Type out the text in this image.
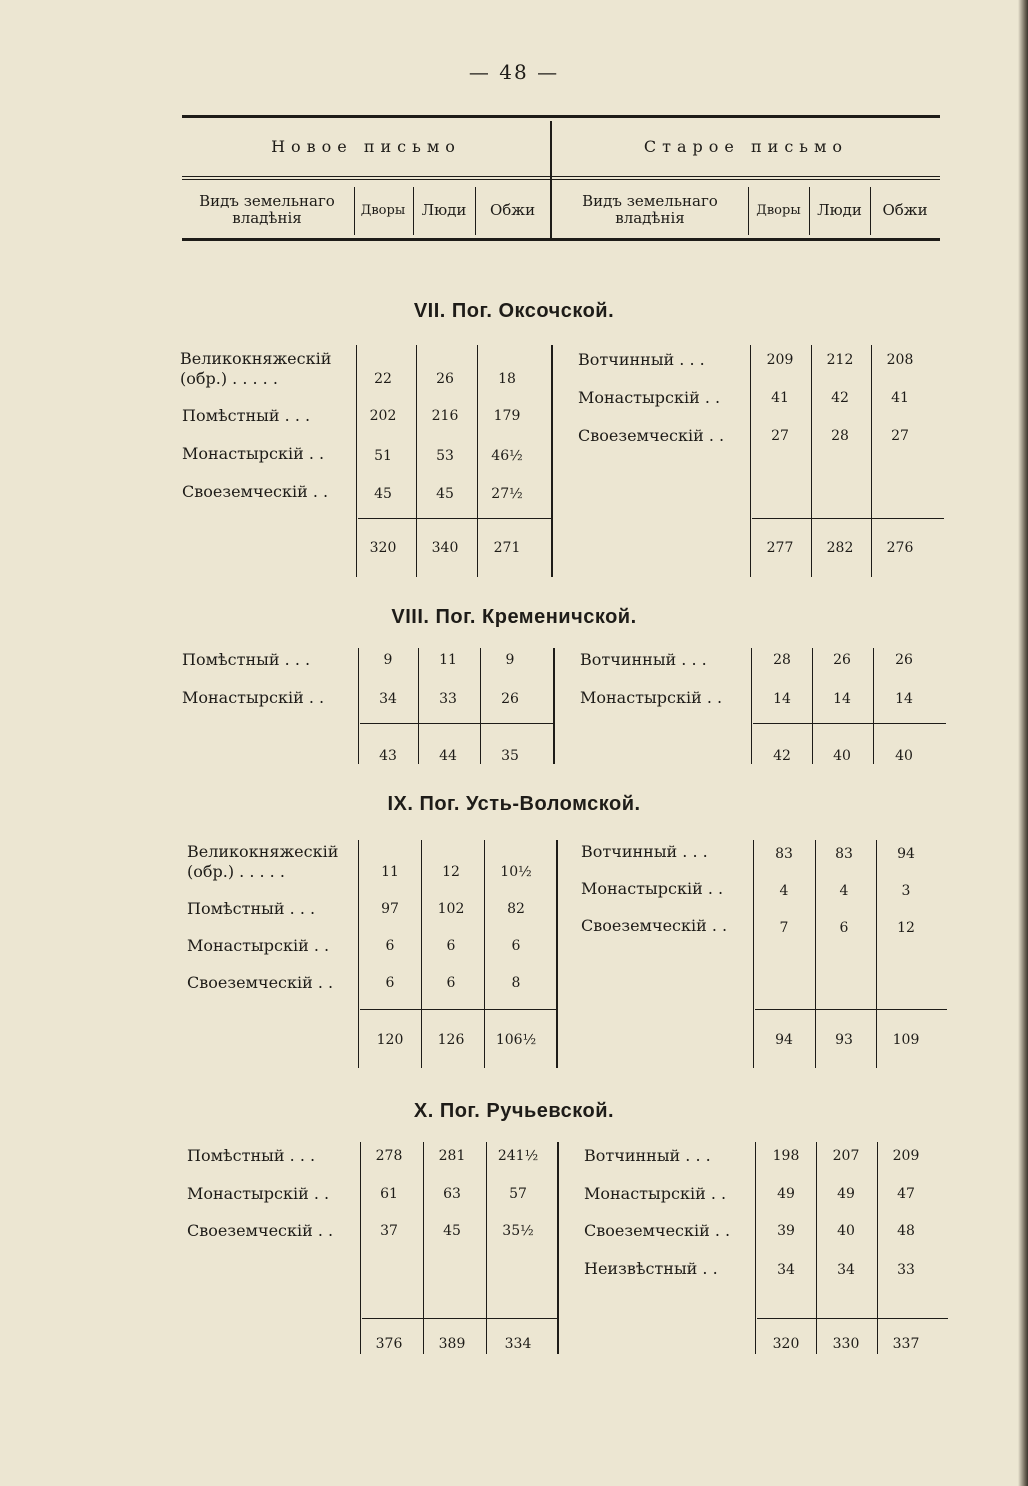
— 48 —
Новое письмо	Старое письмо
Видъ земельнаго владѣнія	Дворы	Люди	Обжи	Видъ земельнаго владѣнія	Дворы	Люди	Обжи
VII. Пог. Оксочской.
Великокняжескій
(обр.) . . . . .	22	26	18
Помѣстный . . .	202	216	179
Монастырскій . .	51	53	46½
Своеземческій . .	45	45	27½
320	340	271
Вотчинный . . .	209	212	208
Монастырскій . .	41	42	41
Своеземческій . .	27	28	27
277	282	276
VIII. Пог. Кременичской.
Помѣстный . . .	9	11	9
Монастырскій . .	34	33	26
43	44	35
Вотчинный . . .	28	26	26
Монастырскій . .	14	14	14
42	40	40
IX. Пог. Усть-Воломской.
Великокняжескій
(обр.) . . . . .	11	12	10½
Помѣстный . . .	97	102	82
Монастырскій . .	6	6	6
Своеземческій . .	6	6	8
120	126	106½
Вотчинный . . .	83	83	94
Монастырскій . .	4	4	3
Своеземческій . .	7	6	12
94	93	109
X. Пог. Ручьевской.
Помѣстный . . .	278	281	241½
Монастырскій . .	61	63	57
Своеземческій . .	37	45	35½
376	389	334
Вотчинный . . .	198	207	209
Монастырскій . .	49	49	47
Своеземческій . .	39	40	48
Неизвѣстный . .	34	34	33
320	330	337
